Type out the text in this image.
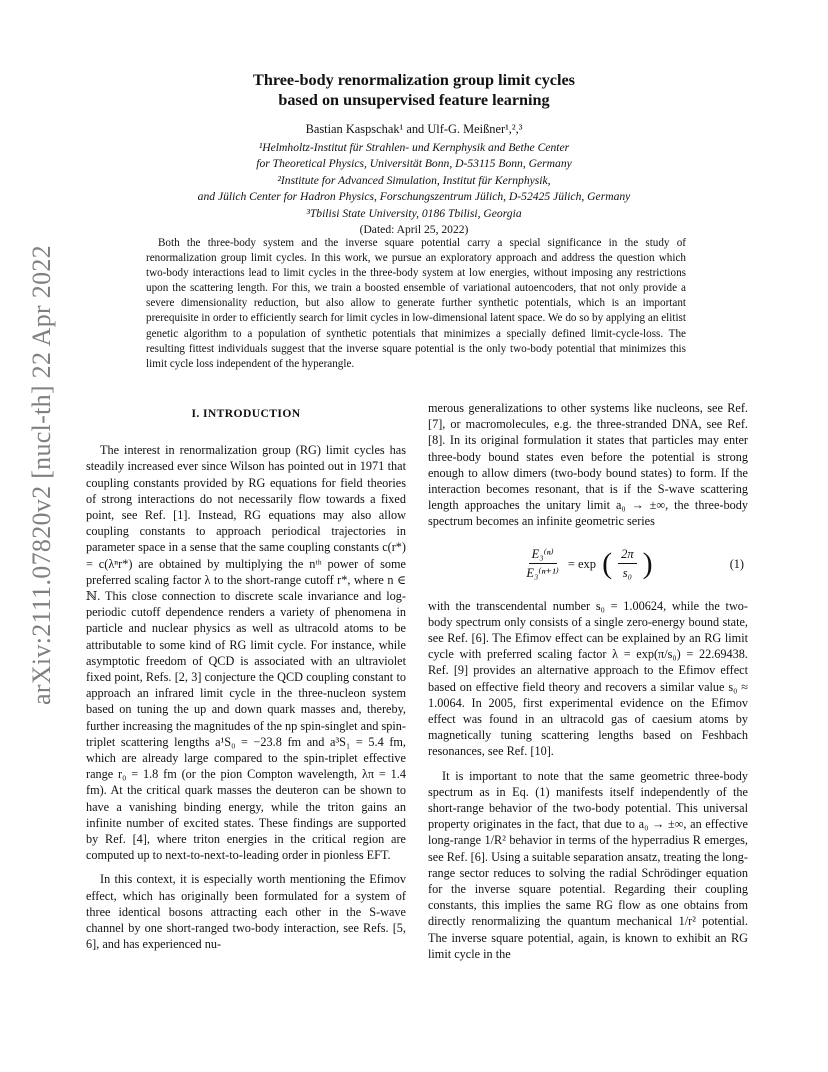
arXiv:2111.07820v2 [nucl-th] 22 Apr 2022
Three-body renormalization group limit cycles
based on unsupervised feature learning
Bastian Kaspschak¹ and Ulf-G. Meißner¹,²,³
¹Helmholtz-Institut für Strahlen- und Kernphysik and Bethe Center
for Theoretical Physics, Universität Bonn, D-53115 Bonn, Germany
²Institute for Advanced Simulation, Institut für Kernphysik,
and Jülich Center for Hadron Physics, Forschungszentrum Jülich, D-52425 Jülich, Germany
³Tbilisi State University, 0186 Tbilisi, Georgia
(Dated: April 25, 2022)
Both the three-body system and the inverse square potential carry a special significance in the study of renormalization group limit cycles. In this work, we pursue an exploratory approach and address the question which two-body interactions lead to limit cycles in the three-body system at low energies, without imposing any restrictions upon the scattering length. For this, we train a boosted ensemble of variational autoencoders, that not only provide a severe dimensionality reduction, but also allow to generate further synthetic potentials, which is an important prerequisite in order to efficiently search for limit cycles in low-dimensional latent space. We do so by applying an elitist genetic algorithm to a population of synthetic potentials that minimizes a specially defined limit-cycle-loss. The resulting fittest individuals suggest that the inverse square potential is the only two-body potential that minimizes this limit cycle loss independent of the hyperangle.
I. INTRODUCTION

The interest in renormalization group (RG) limit cycles has steadily increased ever since Wilson has pointed out in 1971 that coupling constants provided by RG equations for field theories of strong interactions do not necessarily flow towards a fixed point, see Ref. [1]. Instead, RG equations may also allow coupling constants to approach periodical trajectories in parameter space in a sense that the same coupling constants c(r*) = c(λⁿr*) are obtained by multiplying the nᵗʰ power of some preferred scaling factor λ to the short-range cutoff r*, where n ∈ ℕ. This close connection to discrete scale invariance and log-periodic cutoff dependence renders a variety of phenomena in particle and nuclear physics as well as ultracold atoms to be attributable to some kind of RG limit cycle. For instance, while asymptotic freedom of QCD is associated with an ultraviolet fixed point, Refs. [2, 3] conjecture the QCD coupling constant to approach an infrared limit cycle in the three-nucleon system based on tuning the up and down quark masses and, thereby, further increasing the magnitudes of the np spin-singlet and spin-triplet scattering lengths a¹S₀ = −23.8 fm and a³S₁ = 5.4 fm, which are already large compared to the spin-triplet effective range r₀ = 1.8 fm (or the pion Compton wavelength, λπ = 1.4 fm). At the critical quark masses the deuteron can be shown to have a vanishing binding energy, while the triton gains an infinite number of excited states. These findings are supported by Ref. [4], where triton energies in the critical region are computed up to next-to-next-to-leading order in pionless EFT.

In this context, it is especially worth mentioning the Efimov effect, which has originally been formulated for a system of three identical bosons attracting each other in the S-wave channel by one short-ranged two-body interaction, see Refs. [5, 6], and has experienced nu-

merous generalizations to other systems like nucleons, see Ref. [7], or macromolecules, e.g. the three-stranded DNA, see Ref. [8]. In its original formulation it states that particles may enter three-body bound states even before the potential is strong enough to allow dimers (two-body bound states) to form. If the interaction becomes resonant, that is if the S-wave scattering length approaches the unitary limit a₀ → ±∞, the three-body spectrum becomes an infinite geometric series

$\frac{\text{E₃⁽ⁿ⁾}}{\text{E₃⁽ⁿ⁺¹⁾}} = \exp$ ( $\frac{2\pi}{\text{s₀}}$ )	(1)

with the transcendental number s₀ = 1.00624, while the two-body spectrum only consists of a single zero-energy bound state, see Ref. [6]. The Efimov effect can be explained by an RG limit cycle with preferred scaling factor λ = exp(π/s₀) = 22.69438. Ref. [9] provides an alternative approach to the Efimov effect based on effective field theory and recovers a similar value s₀ ≈ 1.0064. In 2005, first experimental evidence on the Efimov effect was found in an ultracold gas of caesium atoms by magnetically tuning scattering lengths based on Feshbach resonances, see Ref. [10].

It is important to note that the same geometric three-body spectrum as in Eq. (1) manifests itself independently of the short-range behavior of the two-body potential. This universal property originates in the fact, that due to a₀ → ±∞, an effective long-range 1/R² behavior in terms of the hyperradius R emerges, see Ref. [6]. Using a suitable separation ansatz, treating the long-range sector reduces to solving the radial Schrödinger equation for the inverse square potential. Regarding their coupling constants, this implies the same RG flow as one obtains from directly renormalizing the quantum mechanical 1/r² potential. The inverse square potential, again, is known to exhibit an RG limit cycle in the
